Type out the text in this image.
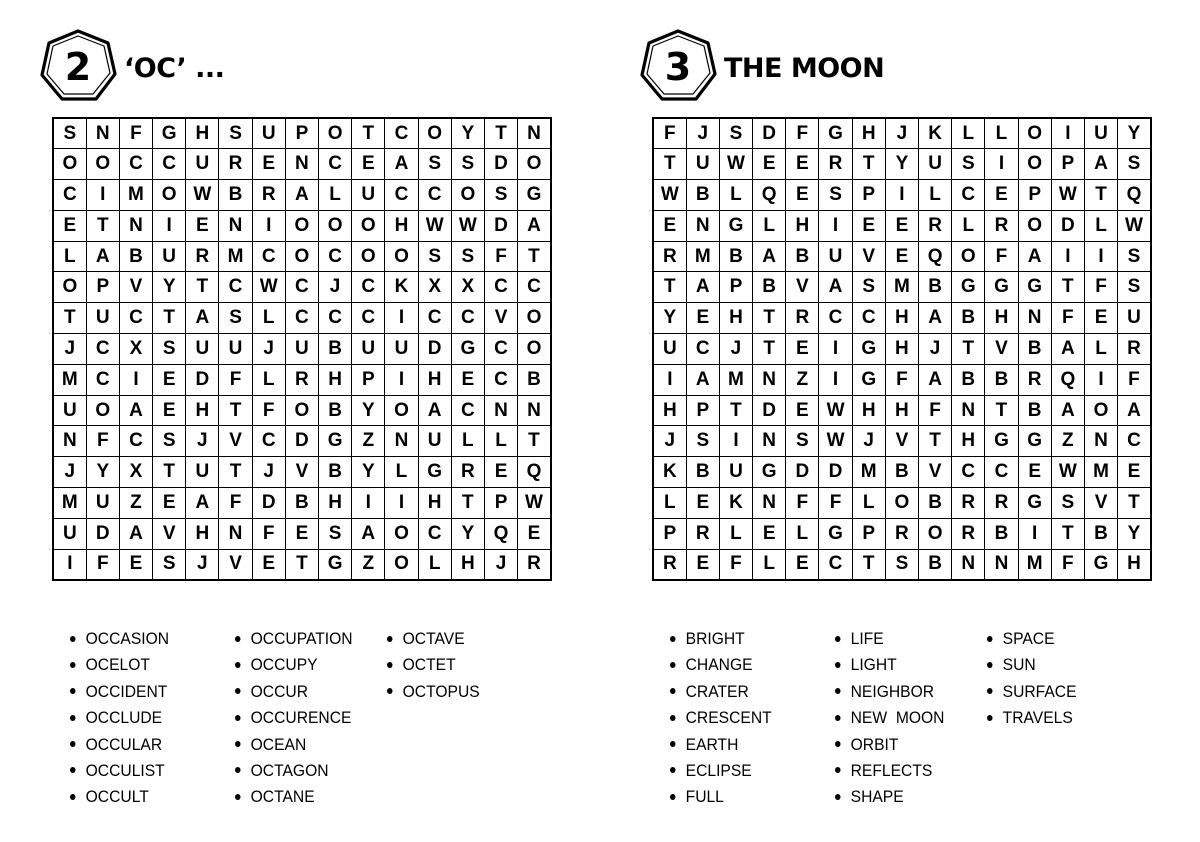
2	‘OC’ ...
S	N	F	G	H	S	U	P	O	T	C	O	Y	T	N
O	O	C	C	U	R	E	N	C	E	A	S	S	D	O
C	I	M	O	W	B	R	A	L	U	C	C	O	S	G
E	T	N	I	E	N	I	O	O	O	H	W	W	D	A
L	A	B	U	R	M	C	O	C	O	O	S	S	F	T
O	P	V	Y	T	C	W	C	J	C	K	X	X	C	C
T	U	C	T	A	S	L	C	C	C	I	C	C	V	O
J	C	X	S	U	U	J	U	B	U	U	D	G	C	O
M	C	I	E	D	F	L	R	H	P	I	H	E	C	B
U	O	A	E	H	T	F	O	B	Y	O	A	C	N	N
N	F	C	S	J	V	C	D	G	Z	N	U	L	L	T
J	Y	X	T	U	T	J	V	B	Y	L	G	R	E	Q
M	U	Z	E	A	F	D	B	H	I	I	H	T	P	W
U	D	A	V	H	N	F	E	S	A	O	C	Y	Q	E
I	F	E	S	J	V	E	T	G	Z	O	L	H	J	R
OCCASION
OCELOT
OCCIDENT
OCCLUDE
OCCULAR
OCCULIST
OCCULT
OCCUPATION
OCCUPY
OCCUR
OCCURENCE
OCEAN
OCTAGON
OCTANE
OCTAVE
OCTET
OCTOPUS
3	THE MOON
F	J	S	D	F	G	H	J	K	L	L	O	I	U	Y
T	U	W	E	E	R	T	Y	U	S	I	O	P	A	S
W	B	L	Q	E	S	P	I	L	C	E	P	W	T	Q
E	N	G	L	H	I	E	E	R	L	R	O	D	L	W
R	M	B	A	B	U	V	E	Q	O	F	A	I	I	S
T	A	P	B	V	A	S	M	B	G	G	G	T	F	S
Y	E	H	T	R	C	C	H	A	B	H	N	F	E	U
U	C	J	T	E	I	G	H	J	T	V	B	A	L	R
I	A	M	N	Z	I	G	F	A	B	B	R	Q	I	F
H	P	T	D	E	W	H	H	F	N	T	B	A	O	A
J	S	I	N	S	W	J	V	T	H	G	G	Z	N	C
K	B	U	G	D	D	M	B	V	C	C	E	W	M	E
L	E	K	N	F	F	L	O	B	R	R	G	S	V	T
P	R	L	E	L	G	P	R	O	R	B	I	T	B	Y
R	E	F	L	E	C	T	S	B	N	N	M	F	G	H
BRIGHT
CHANGE
CRATER
CRESCENT
EARTH
ECLIPSE
FULL
LIFE
LIGHT
NEIGHBOR
NEW  MOON
ORBIT
REFLECTS
SHAPE
SPACE
SUN
SURFACE
TRAVELS
